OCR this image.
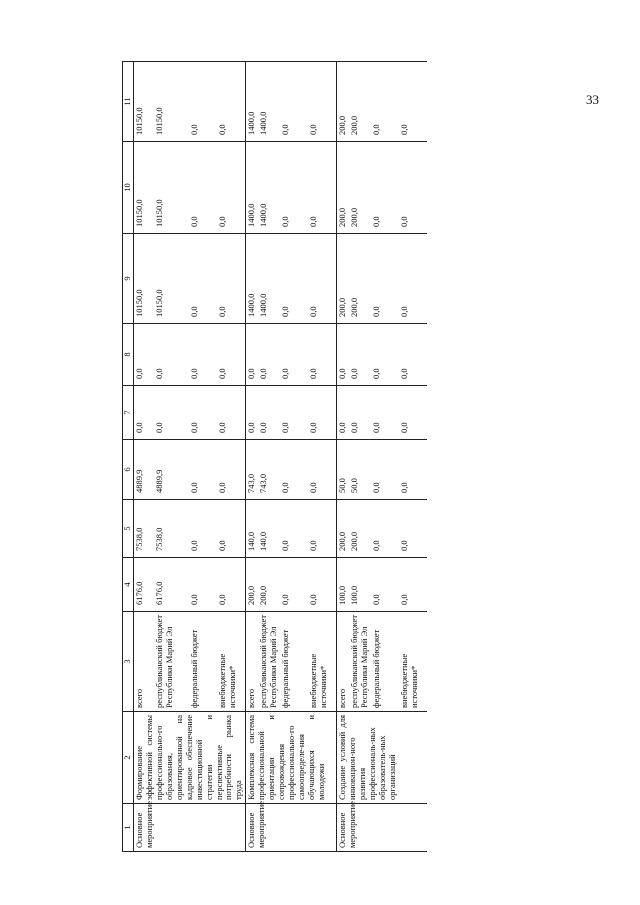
33
1	2	3	4	5	6	7	8	9	10	11
Основное мероприятие	Формирование эффективной системы профессионально-го образования, ориентированной на кадровое обеспечение инвестиционной стратегии и перспективные потребности рынка труда	всего	6176,0	7538,0	4889,9	0,0	0,0	10150,0	10150,0	10150,0
		республиканский бюджет Республики Марий Эл	6176,0	7538,0	4889,9	0,0	0,0	10150,0	10150,0	10150,0
		федеральный бюджет	0,0	0,0	0,0	0,0	0,0	0,0	0,0	0,0
		внебюджетные источники*	0,0	0,0	0,0	0,0	0,0	0,0	0,0	0,0
Основное мероприятие	Комплексная система профессиональной ориентации и сопровождения профессионально-го самоопределе-ния обучающихся и молодежи	всего	200,0	140,0	743,0	0,0	0,0	1400,0	1400,0	1400,0
		республиканский бюджет Республики Марий Эл	200,0	140,0	743,0	0,0	0,0	1400,0	1400,0	1400,0
		федеральный бюджет	0,0	0,0	0,0	0,0	0,0	0,0	0,0	0,0
		внебюджетные источники*	0,0	0,0	0,0	0,0	0,0	0,0	0,0	0,0
Основное мероприятие	Создание условий для инновацион-ного развития профессиональ-ных образователь-ных организаций	всего	100,0	200,0	50,0	0,0	0,0	200,0	200,0	200,0
		республиканский бюджет Республики Марий Эл	100,0	200,0	50,0	0,0	0,0	200,0	200,0	200,0
		федеральный бюджет	0,0	0,0	0,0	0,0	0,0	0,0	0,0	0,0
		внебюджетные источники*	0,0	0,0	0,0	0,0	0,0	0,0	0,0	0,0
